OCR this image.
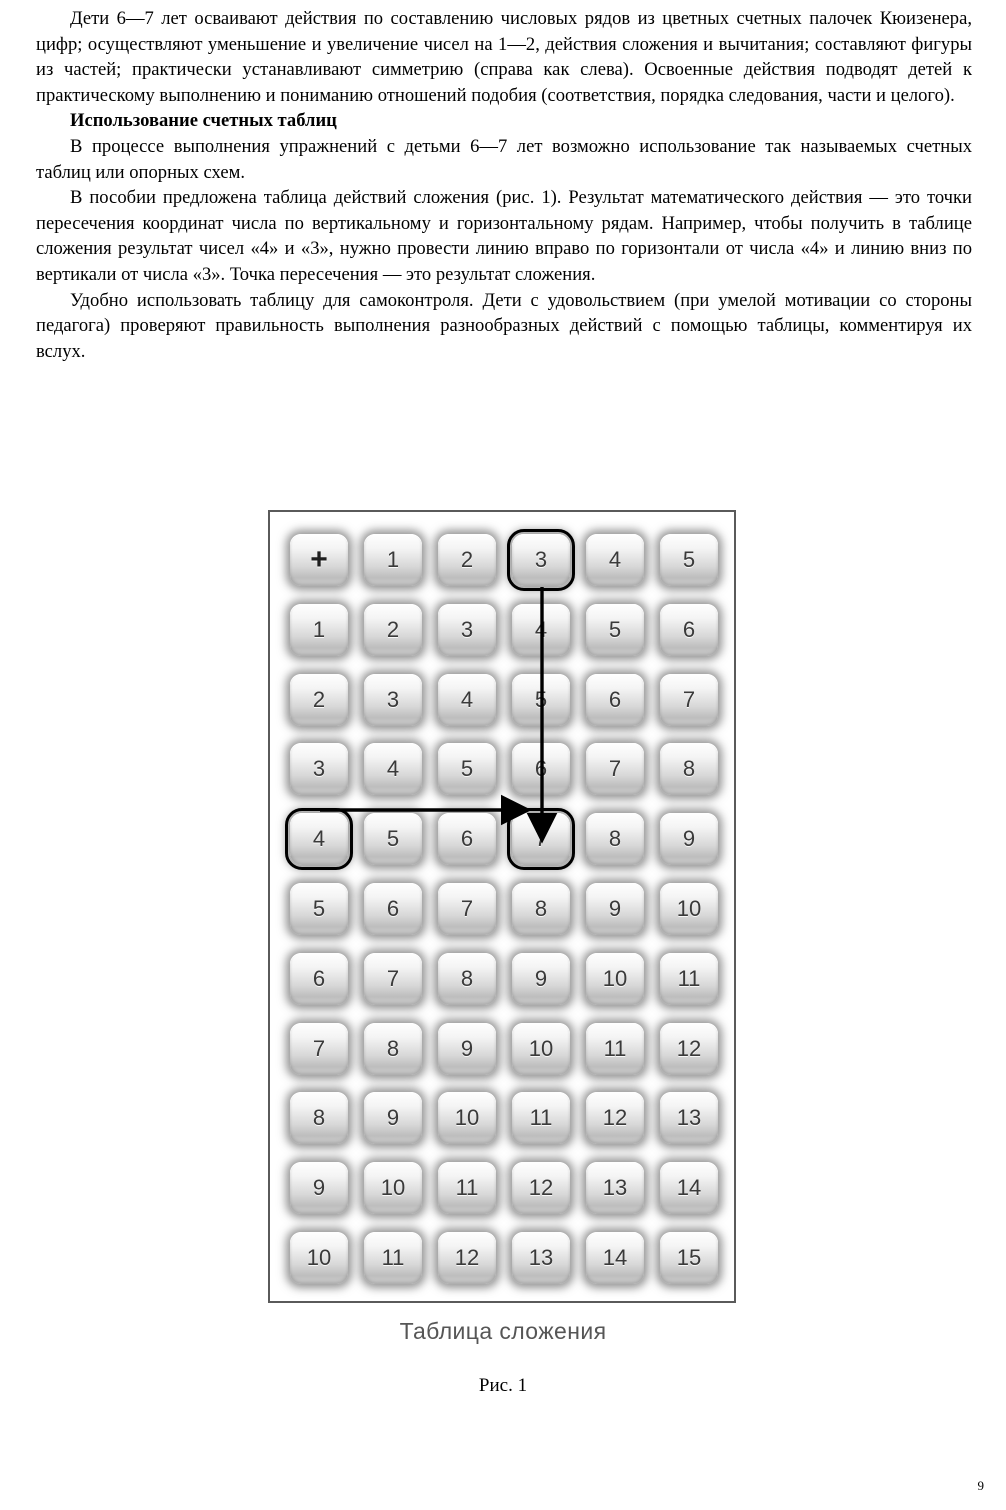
Дети 6—7 лет осваивают действия по составлению числовых рядов из цветных счетных палочек Кюизенера, цифр; осуществляют уменьшение и увеличение чисел на 1—2, действия сложения и вычитания; составляют фигуры из частей; практически устанавливают симметрию (справа как слева). Освоенные действия подводят детей к практическому выполнению и пониманию отношений подобия (соответствия, порядка следования, части и целого).

Использование счетных таблиц

В процессе выполнения упражнений с детьми 6—7 лет возможно использование так называемых счетных таблиц или опорных схем.

В пособии предложена таблица действий сложения (рис. 1). Результат математического действия — это точки пересечения координат числа по вертикальному и горизонтальному рядам. Например, чтобы получить в таблице сложения результат чисел «4» и «3», нужно провести линию вправо по горизонтали от числа «4» и линию вниз по вертикали от числа «3». Точка пересечения — это результат сложения.

Удобно использовать таблицу для самоконтроля. Дети с удовольствием (при умелой мотивации со стороны педагога) проверяют правильность выполнения разнообразных действий с помощью таблицы, комментируя их вслух.

+	1	2	3	4	5
1	2	3	4	5	6
2	3	4	5	6	7
3	4	5	6	7	8
4	5	6	7	8	9
5	6	7	8	9	10
6	7	8	9	10	11
7	8	9	10	11	12
8	9	10	11	12	13
9	10	11	12	13	14
10	11	12	13	14	15
Таблица сложения
Рис. 1
9
